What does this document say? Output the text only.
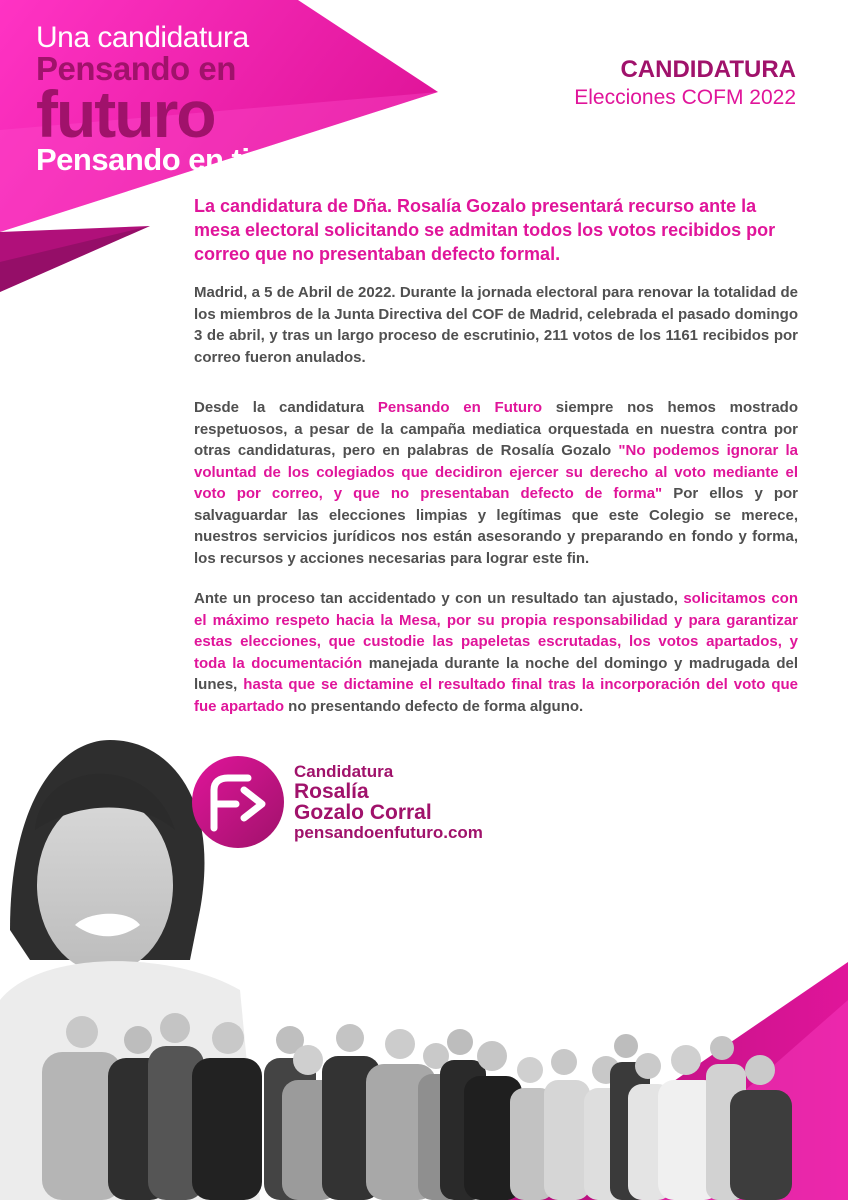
Una candidatura
Pensando en
futuro
Pensando en ti
CANDIDATURA
Elecciones COFM 2022
La candidatura de Dña. Rosalía Gozalo presentará recurso ante la mesa electoral solicitando se admitan todos los votos recibidos por correo que no presentaban defecto formal.

Madrid, a 5 de Abril de 2022. Durante la jornada electoral para renovar la totalidad de los miembros de la Junta Directiva del COF de Madrid, celebrada el pasado domingo 3 de abril, y tras un largo proceso de escrutinio, 211 votos de los 1161 recibidos por correo fueron anulados.

Desde la candidatura Pensando en Futuro siempre nos hemos mostrado respetuosos, a pesar de la campaña mediatica orquestada en nuestra contra por otras candidaturas, pero en palabras de Rosalía Gozalo "No podemos ignorar la voluntad de los colegiados que decidiron ejercer su derecho al voto mediante el voto por correo, y que no presentaban defecto de forma" Por ellos y por salvaguardar las elecciones limpias y legítimas que este Colegio se merece, nuestros servicios jurídicos nos están asesorando y preparando en fondo y forma, los recursos y acciones necesarias para lograr este fin.

Ante un proceso tan accidentado y con un resultado tan ajustado, solicitamos con el máximo respeto hacia la Mesa, por su propia responsabilidad y para garantizar estas elecciones, que custodie las papeletas escrutadas, los votos apartados, y toda la documentación manejada durante la noche del domingo y madrugada del lunes, hasta que se dictamine el resultado final tras la incorporación del voto que fue apartado no presentando defecto de forma alguno.

Candidatura
Rosalía
Gozalo Corral
pensandoenfuturo.com
